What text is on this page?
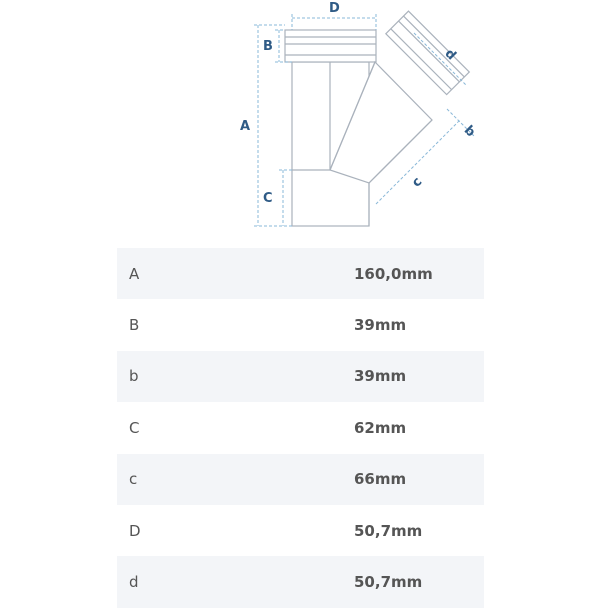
D
B
A
C
d
b
c
A	160,0mm
B	39mm
b	39mm
C	62mm
c	66mm
D	50,7mm
d	50,7mm
